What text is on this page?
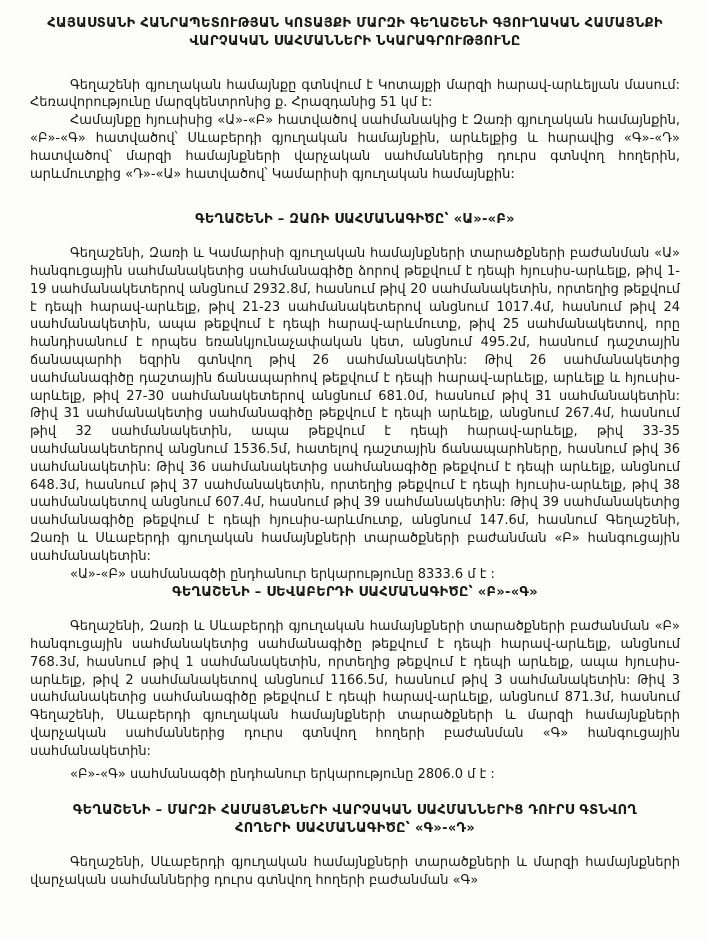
ՀԱՅԱՍՏԱՆԻ ՀԱՆՐԱՊԵՏՈՒԹՅԱՆ ԿՈՏԱՅՔԻ ՄԱՐԶԻ ԳԵՂԱՇԵՆԻ ԳՅՈՒՂԱԿԱՆ ՀԱՄԱՅՆՔԻ
ՎԱՐՉԱԿԱՆ ՍԱՀՄԱՆՆԵՐԻ ՆԿԱՐԱԳՐՈՒԹՅՈՒՆԸ

Գեղաշենի գյուղական համայնքը գտնվում է Կոտայքի մարզի հարավ-արևելյան մասում: Հեռավորությունը մարզկենտրոնից ք. Հրազդանից 51 կմ է:

Համայնքը հյուսիսից «Ա»-«Բ» հատվածով սահմանակից է Զառի գյուղական համայնքին, «Բ»-«Գ» հատվածով՝ Սևաբերդի գյուղական համայնքին, արևելքից և հարավից «Գ»-«Դ» հատվածով՝ մարզի համայնքների վարչական սահմաններից դուրս գտնվող հողերին, արևմուտքից «Դ»-«Ա» հատվածով՝ Կամարիսի գյուղական համայնքին:

ԳԵՂԱՇԵՆԻ – ԶԱՌԻ ՍԱՀՄԱՆԱԳԻԾԸ՝ «Ա»-«Բ»

Գեղաշենի, Զառի և Կամարիսի գյուղական համայնքների տարածքների բաժանման «Ա» հանգուցային սահմանակետից սահմանագիծը ձորով թեքվում է դեպի հյուսիս-արևելք, թիվ 1-19 սահմանակետերով անցնում 2932.8մ, հասնում թիվ 20 սահմանակետին, որտեղից թեքվում է դեպի հարավ-արևելք, թիվ 21-23 սահմանակետերով անցնում 1017.4մ, հասնում թիվ 24 սահմանակետին, ապա թեքվում է դեպի հարավ-արևմուտք, թիվ 25 սահմանակետով, որը հանդիսանում է որպես եռանկյունաչափական կետ, անցնում 495.2մ, հասնում դաշտային ճանապարհի եզրին գտնվող թիվ 26 սահմանակետին: Թիվ 26 սահմանակետից սահմանագիծը դաշտային ճանապարհով թեքվում է դեպի հարավ-արևելք, արևելք և հյուսիս-արևելք, թիվ 27-30 սահմանակետերով անցնում 681.0մ, հասնում թիվ 31 սահմանակետին: Թիվ 31 սահմանակետից սահմանագիծը թեքվում է դեպի արևելք, անցնում 267.4մ, հասնում թիվ 32 սահմանակետին, ապա թեքվում է դեպի հարավ-արևելք, թիվ 33-35 սահմանակետերով անցնում 1536.5մ, հատելով դաշտային ճանապարհները, հասնում թիվ 36 սահմանակետին: Թիվ 36 սահմանակետից սահմանագիծը թեքվում է դեպի արևելք, անցնում 648.3մ, հասնում թիվ 37 սահմանակետին, որտեղից թեքվում է դեպի հյուսիս-արևելք, թիվ 38 սահմանակետով անցնում 607.4մ, հասնում թիվ 39 սահմանակետին: Թիվ 39 սահմանակետից սահմանագիծը թեքվում է դեպի հյուսիս-արևմուտք, անցնում 147.6մ, հասնում Գեղաշենի, Զառի և Սևաբերդի գյուղական համայնքների տարածքների բաժանման «Բ» հանգուցային սահմանակետին:

«Ա»-«Բ» սահմանագծի ընդհանուր երկարությունը 8333.6 մ է :

ԳԵՂԱՇԵՆԻ – ՍԵՎԱԲԵՐԴԻ ՍԱՀՄԱՆԱԳԻԾԸ՝ «Բ»-«Գ»

Գեղաշենի, Զառի և Սևաբերդի գյուղական համայնքների տարածքների բաժանման «Բ» հանգուցային սահմանակետից սահմանագիծը թեքվում է դեպի հարավ-արևելք, անցնում 768.3մ, հասնում թիվ 1 սահմանակետին, որտեղից թեքվում է դեպի արևելք, ապա հյուսիս-արևելք, թիվ 2 սահմանակետով անցնում 1166.5մ, հասնում թիվ 3 սահմանակետին: Թիվ 3 սահմանակետից սահմանագիծը թեքվում է դեպի հարավ-արևելք, անցնում 871.3մ, հասնում Գեղաշենի, Սևաբերդի գյուղական համայնքների տարածքների և մարզի համայնքների վարչական սահմաններից դուրս գտնվող հողերի բաժանման «Գ» հանգուցային սահմանակետին:

«Բ»-«Գ» սահմանագծի ընդհանուր երկարությունը 2806.0 մ է :

ԳԵՂԱՇԵՆԻ – ՄԱՐԶԻ ՀԱՄԱՅՆՔՆԵՐԻ ՎԱՐՉԱԿԱՆ ՍԱՀՄԱՆՆԵՐԻՑ ԴՈՒՐՍ ԳՏՆՎՈՂ
ՀՈՂԵՐԻ ՍԱՀՄԱՆԱԳԻԾԸ՝ «Գ»-«Դ»

Գեղաշենի, Սևաբերդի գյուղական համայնքների տարածքների և մարզի համայնքների վարչական սահմաններից դուրս գտնվող հողերի բաժանման «Գ»
